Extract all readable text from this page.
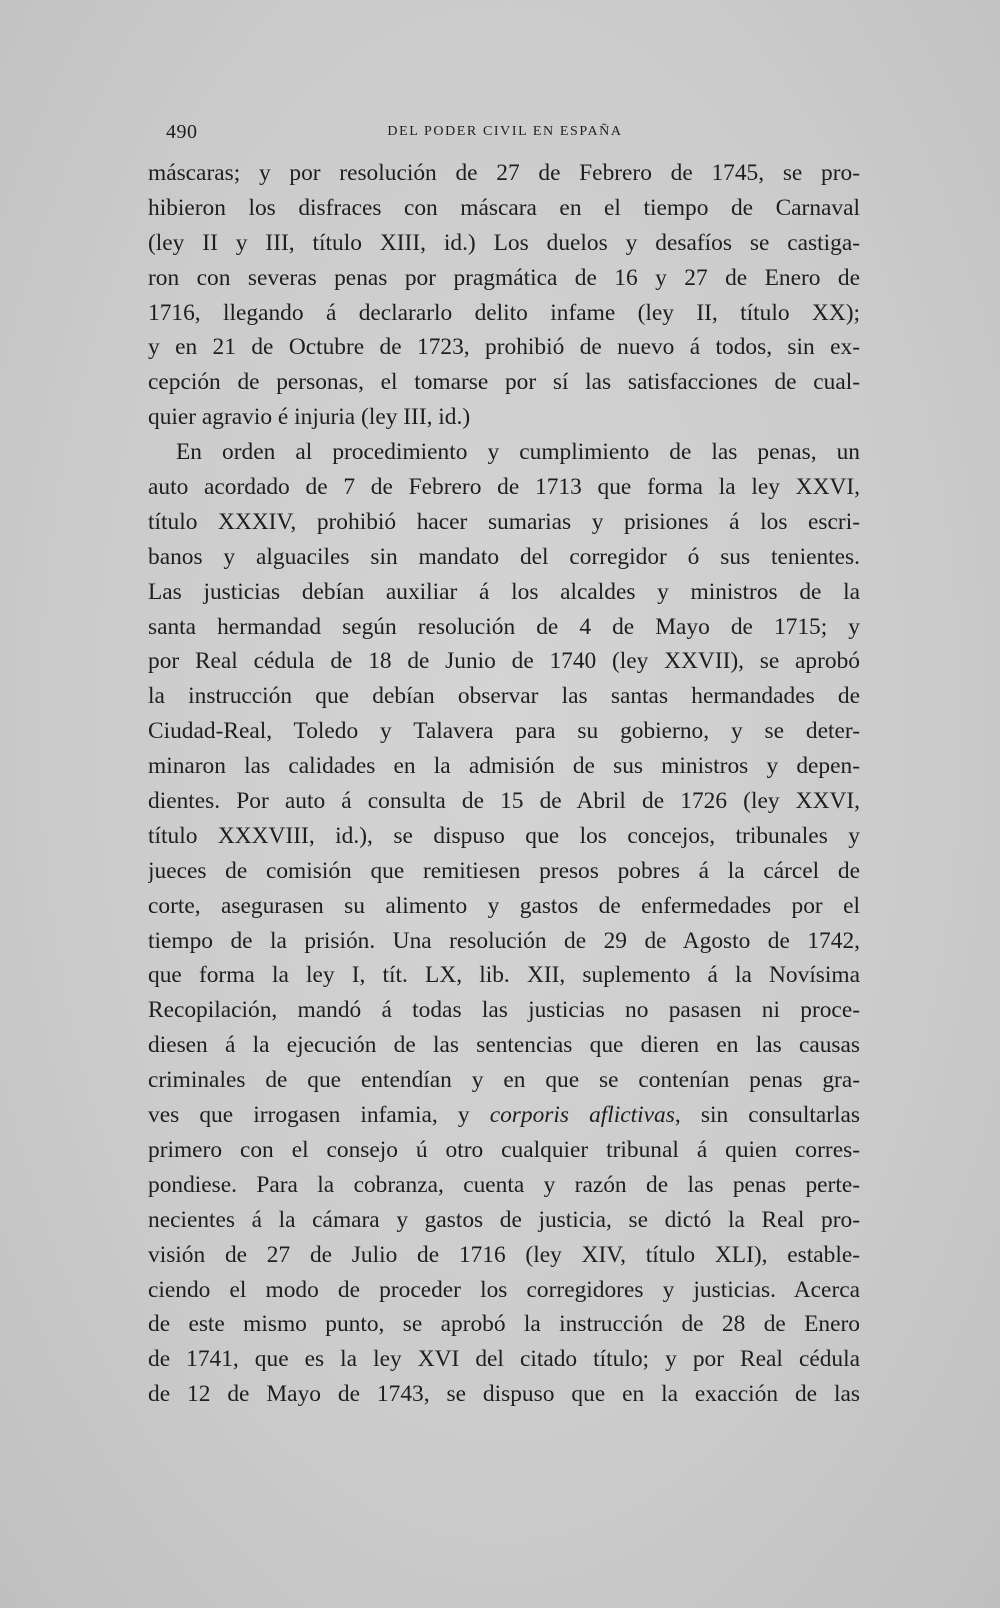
490	DEL PODER CIVIL EN ESPAÑA
máscaras; y por resolución de 27 de Febrero de 1745, se pro-
hibieron los disfraces con máscara en el tiempo de Carnaval
(ley II y III, título XIII, id.) Los duelos y desafíos se castiga-
ron con severas penas por pragmática de 16 y 27 de Enero de
1716, llegando á declararlo delito infame (ley II, título XX);
y en 21 de Octubre de 1723, prohibió de nuevo á todos, sin ex-
cepción de personas, el tomarse por sí las satisfacciones de cual-
quier agravio é injuria (ley III, id.)
En orden al procedimiento y cumplimiento de las penas, un
auto acordado de 7 de Febrero de 1713 que forma la ley XXVI,
título XXXIV, prohibió hacer sumarias y prisiones á los escri-
banos y alguaciles sin mandato del corregidor ó sus tenientes.
Las justicias debían auxiliar á los alcaldes y ministros de la
santa hermandad según resolución de 4 de Mayo de 1715; y
por Real cédula de 18 de Junio de 1740 (ley XXVII), se aprobó
la instrucción que debían observar las santas hermandades de
Ciudad-Real, Toledo y Talavera para su gobierno, y se deter-
minaron las calidades en la admisión de sus ministros y depen-
dientes. Por auto á consulta de 15 de Abril de 1726 (ley XXVI,
título XXXVIII, id.), se dispuso que los concejos, tribunales y
jueces de comisión que remitiesen presos pobres á la cárcel de
corte, asegurasen su alimento y gastos de enfermedades por el
tiempo de la prisión. Una resolución de 29 de Agosto de 1742,
que forma la ley I, tít. LX, lib. XII, suplemento á la Novísima
Recopilación, mandó á todas las justicias no pasasen ni proce-
diesen á la ejecución de las sentencias que dieren en las causas
criminales de que entendían y en que se contenían penas gra-
ves que irrogasen infamia, y corporis aflictivas, sin consultarlas
primero con el consejo ú otro cualquier tribunal á quien corres-
pondiese. Para la cobranza, cuenta y razón de las penas perte-
necientes á la cámara y gastos de justicia, se dictó la Real pro-
visión de 27 de Julio de 1716 (ley XIV, título XLI), estable-
ciendo el modo de proceder los corregidores y justicias. Acerca
de este mismo punto, se aprobó la instrucción de 28 de Enero
de 1741, que es la ley XVI del citado título; y por Real cédula
de 12 de Mayo de 1743, se dispuso que en la exacción de las
